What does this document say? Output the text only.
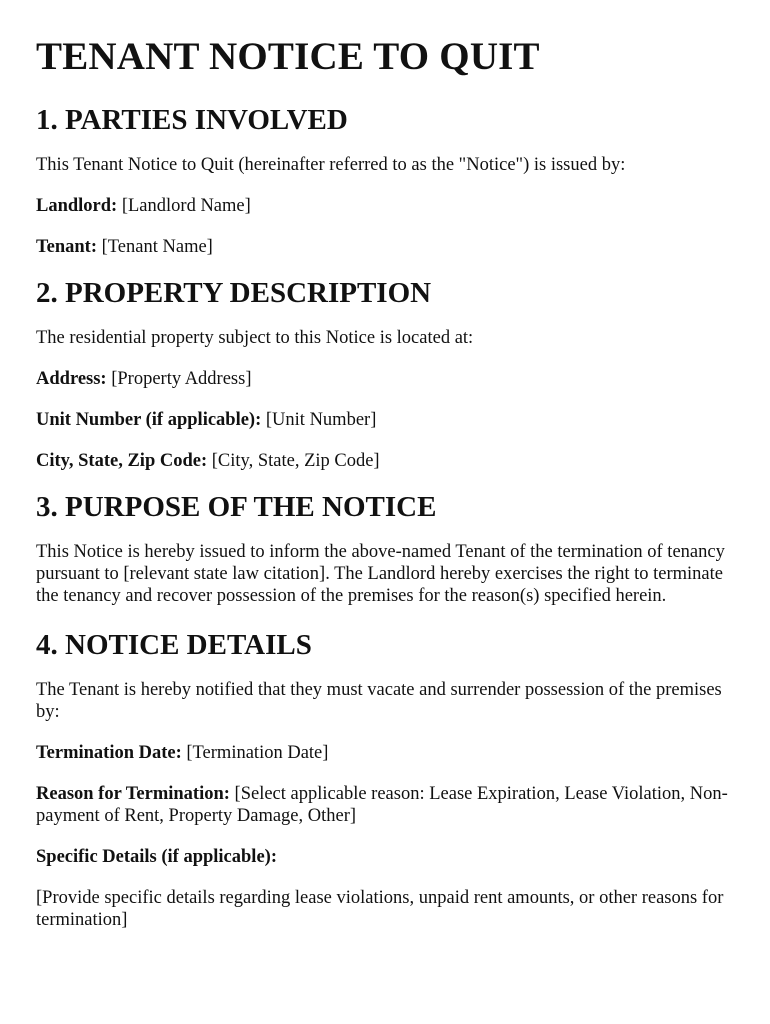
TENANT NOTICE TO QUIT
1. PARTIES INVOLVED

This Tenant Notice to Quit (hereinafter referred to as the "Notice") is issued by:

Landlord: [Landlord Name]

Tenant: [Tenant Name]

2. PROPERTY DESCRIPTION

The residential property subject to this Notice is located at:

Address: [Property Address]

Unit Number (if applicable): [Unit Number]

City, State, Zip Code: [City, State, Zip Code]

3. PURPOSE OF THE NOTICE

This Notice is hereby issued to inform the above-named Tenant of the termination of tenancy pursuant to [relevant state law citation]. The Landlord hereby exercises the right to terminate the tenancy and recover possession of the premises for the reason(s) specified herein.

4. NOTICE DETAILS

The Tenant is hereby notified that they must vacate and surrender possession of the premises by:

Termination Date: [Termination Date]

Reason for Termination: [Select applicable reason: Lease Expiration, Lease Violation, Non-payment of Rent, Property Damage, Other]

Specific Details (if applicable):

[Provide specific details regarding lease violations, unpaid rent amounts, or other reasons for termination]
